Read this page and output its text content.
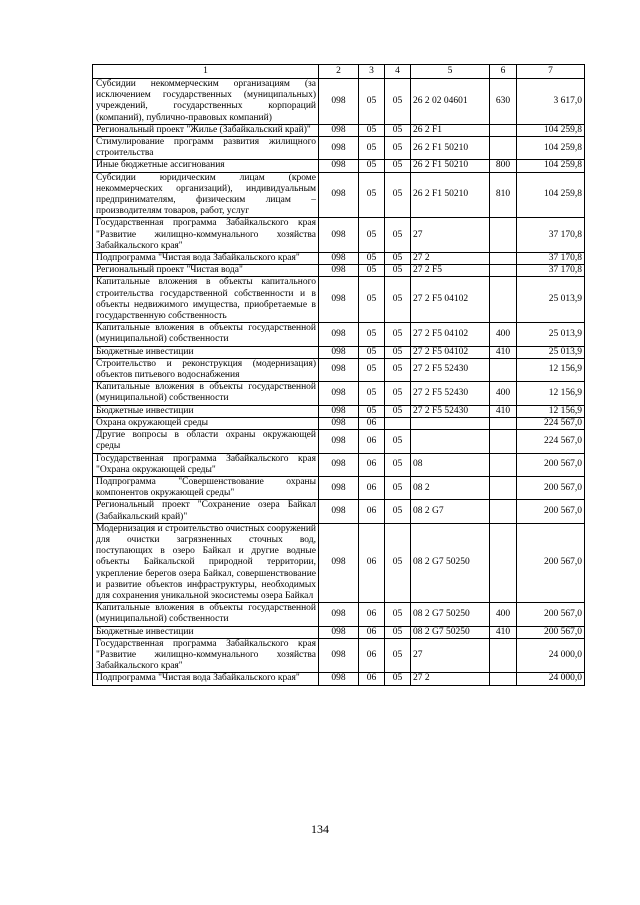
1	2	3	4	5	6	7
Субсидии некоммерческим организациям (за исключением государственных (муниципальных) учреждений, государственных корпораций (компаний), публично-правовых компаний)	098	05	05	26 2 02 04601	630	3 617,0
Региональный проект "Жилье (Забайкальский край)"	098	05	05	26 2 F1		104 259,8
Стимулирование программ развития жилищного строительства	098	05	05	26 2 F1 50210		104 259,8
Иные бюджетные ассигнования	098	05	05	26 2 F1 50210	800	104 259,8
Субсидии юридическим лицам (кроме некоммерческих организаций), индивидуальным предпринимателям, физическим лицам – производителям товаров, работ, услуг	098	05	05	26 2 F1 50210	810	104 259,8
Государственная программа Забайкальского края "Развитие жилищно-коммунального хозяйства Забайкальского края"	098	05	05	27		37 170,8
Подпрограмма "Чистая вода Забайкальского края"	098	05	05	27 2		37 170,8
Региональный проект "Чистая вода"	098	05	05	27 2 F5		37 170,8
Капитальные вложения в объекты капитального строительства государственной собственности и в объекты недвижимого имущества, приобретаемые в государственную собственность	098	05	05	27 2 F5 04102		25 013,9
Капитальные вложения в объекты государственной (муниципальной) собственности	098	05	05	27 2 F5 04102	400	25 013,9
Бюджетные инвестиции	098	05	05	27 2 F5 04102	410	25 013,9
Строительство и реконструкция (модернизация) объектов питьевого водоснабжения	098	05	05	27 2 F5 52430		12 156,9
Капитальные вложения в объекты государственной (муниципальной) собственности	098	05	05	27 2 F5 52430	400	12 156,9
Бюджетные инвестиции	098	05	05	27 2 F5 52430	410	12 156,9
Охрана окружающей среды	098	06				224 567,0
Другие вопросы в области охраны окружающей среды	098	06	05			224 567,0
Государственная программа Забайкальского края "Охрана окружающей среды"	098	06	05	08		200 567,0
Подпрограмма "Совершенствование охраны компонентов окружающей среды"	098	06	05	08 2		200 567,0
Региональный проект "Сохранение озера Байкал (Забайкальский край)"	098	06	05	08 2 G7		200 567,0
Модернизация и строительство очистных сооружений для очистки загрязненных сточных вод, поступающих в озеро Байкал и другие водные объекты Байкальской природной территории, укрепление берегов озера Байкал, совершенствование и развитие объектов инфраструктуры, необходимых для сохранения уникальной экосистемы озера Байкал	098	06	05	08 2 G7 50250		200 567,0
Капитальные вложения в объекты государственной (муниципальной) собственности	098	06	05	08 2 G7 50250	400	200 567,0
Бюджетные инвестиции	098	06	05	08 2 G7 50250	410	200 567,0
Государственная программа Забайкальского края "Развитие жилищно-коммунального хозяйства Забайкальского края"	098	06	05	27		24 000,0
Подпрограмма "Чистая вода Забайкальского края"	098	06	05	27 2		24 000,0
134
